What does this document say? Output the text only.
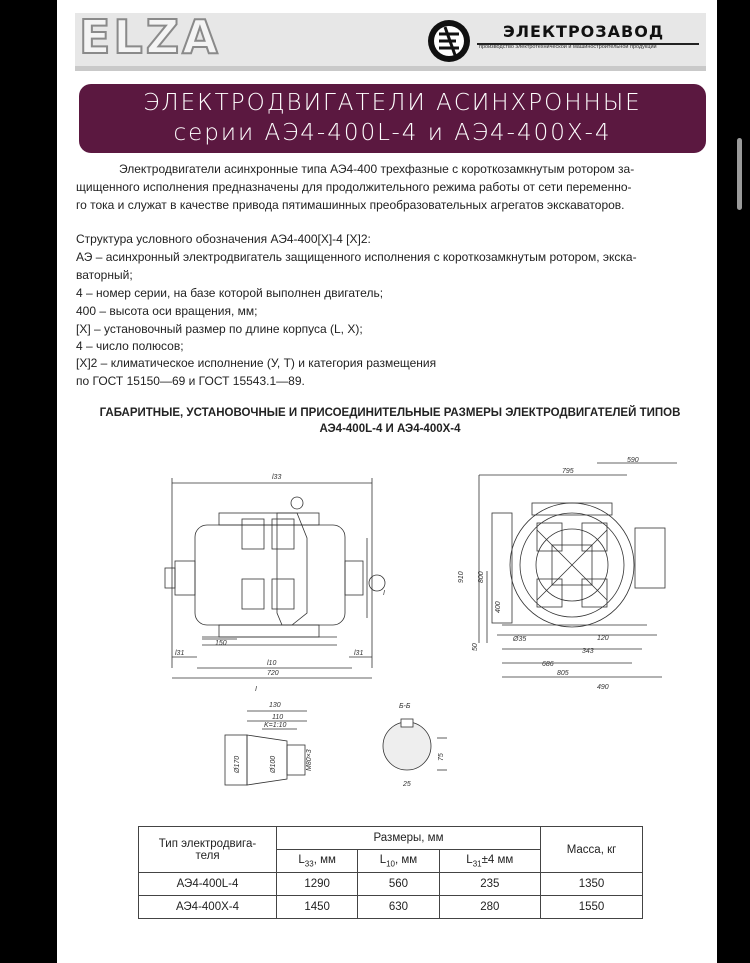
ELZA	ЭЛЕКТРОЗАВОД
производство электротехнической и машиностроительной продукции
ЭЛЕКТРОДВИГАТЕЛИ АСИНХРОННЫЕ
серии АЭ4-400L-4 и АЭ4-400Х-4
Электродвигатели асинхронные типа АЭ4-400 трехфазные с короткозамкнутым ротором за-
щищенного исполнения предназначены для продолжительного режима работы от сети переменно-
го тока и служат в качестве привода пятимашинных преобразовательных агрегатов экскаваторов.
Структура условного обозначения АЭ4-400[X]-4 [X]2:
АЭ – асинхронный электродвигатель защищенного исполнения с короткозамкнутым ротором, экска-
ваторный;
4 – номер серии, на базе которой выполнен двигатель;
400 – высота оси вращения, мм;
[X] – установочный размер по длине корпуса (L, X);
4 – число полюсов;
[X]2 – климатическое исполнение (У, Т) и категория размещения
по ГОСТ 15150—69 и ГОСТ 15543.1—89.
ГАБАРИТНЫЕ, УСТАНОВОЧНЫЕ И ПРИСОЕДИНИТЕЛЬНЫЕ РАЗМЕРЫ ЭЛЕКТРОДВИГАТЕЛЕЙ ТИПОВ
АЭ4-400L-4 И АЭ4-400Х-4
l33
l31
150
l10
l31
720
I
795
590
910 800
400
50
Ø35	120
343
686
805
490
I
130
110
K=1:10
Ø170	Ø100	M80×3
Б-Б
75
25
Тип электродвига-
теля	Размеры, мм			Масса, кг
	$L_{33}$, мм	$L_{10}$, мм	$L_{31}\pm 4$ мм	
АЭ4-400L-4	1290	560	235	1350
АЭ4-400Х-4	1450	630	280	1550
